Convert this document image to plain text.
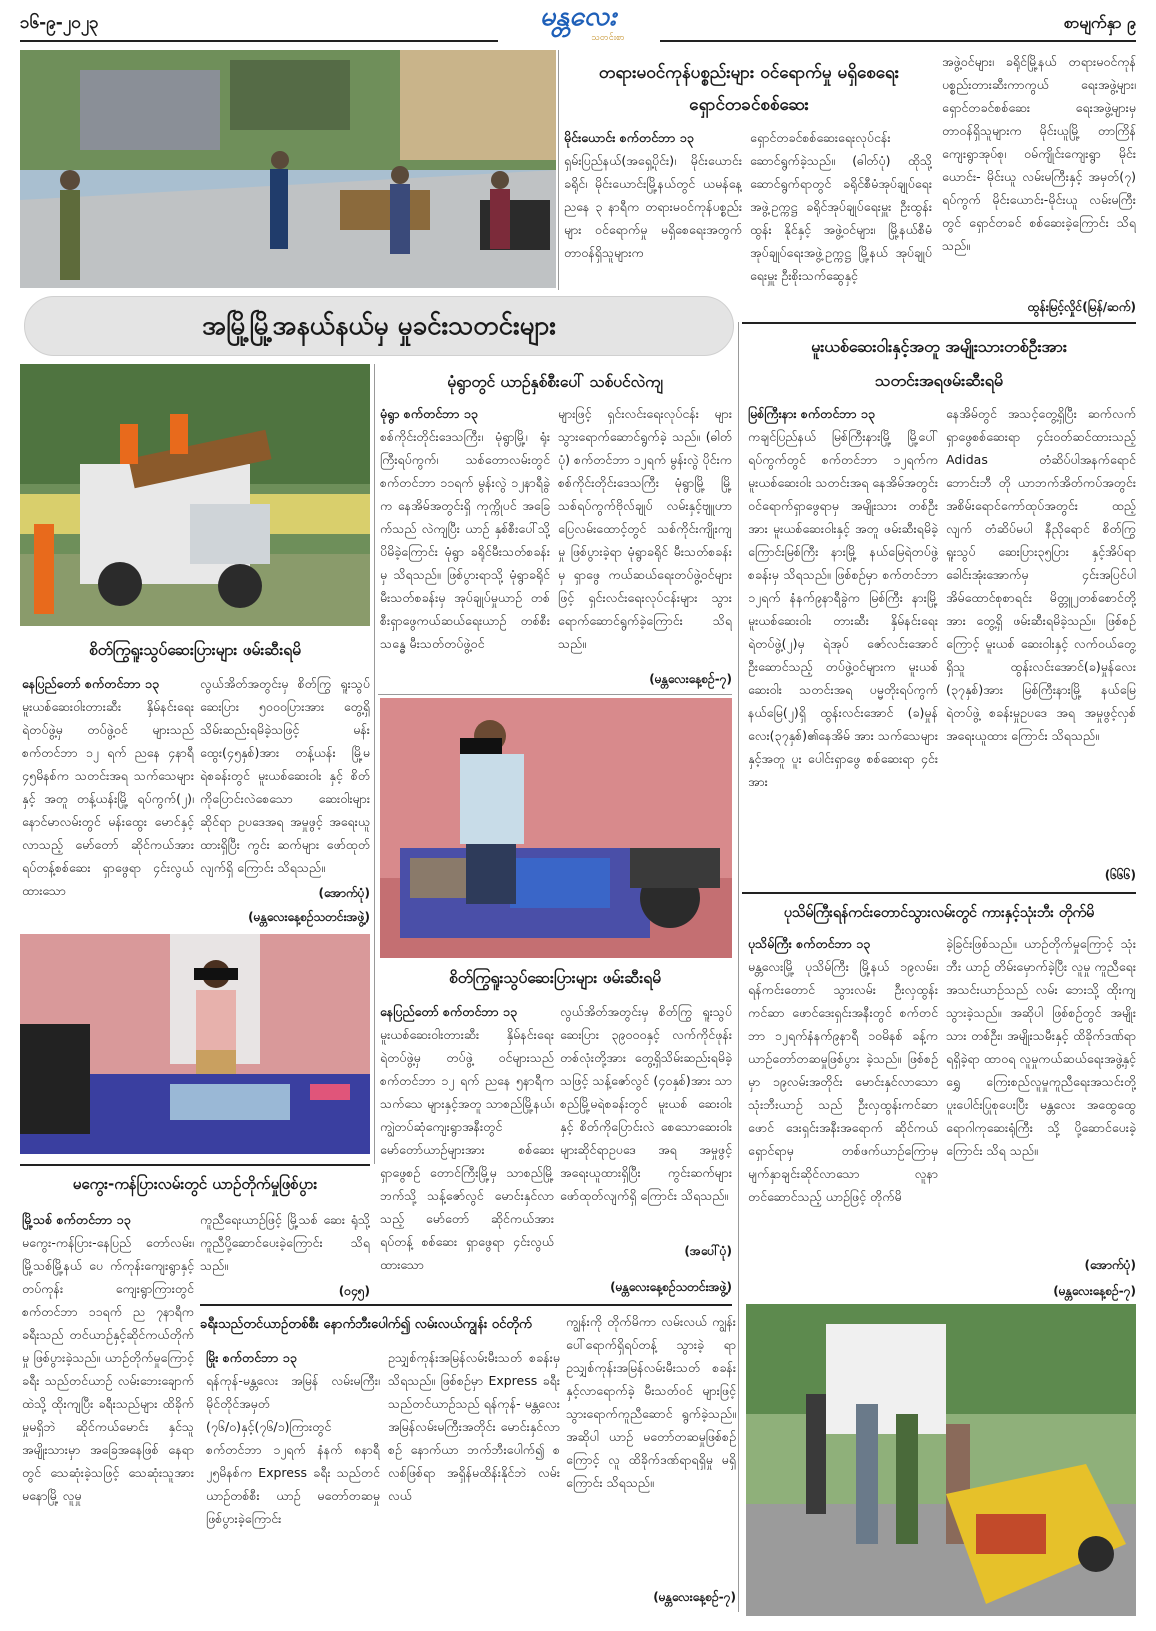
၁၆-၉-၂၀၂၃	မန္တလေး
သတင်းစာ
စာမျက်နှာ ၉
တရားမဝင်ကုန်ပစ္စည်းများ ဝင်ရောက်မှု မရှိစေရေး
ရှောင်တခင်စစ်ဆေး
မိုင်းယောင်း စက်တင်ဘာ ၁၃
ရှမ်းပြည်နယ်(အရှေ့ပိုင်း)၊ မိုင်းယောင်းခရိုင်၊ မိုင်းယောင်းမြို့နယ်တွင် ယမန်နေ့ ညနေ ၃ နာရီက တရားမဝင်ကုန်ပစ္စည်းများ ဝင်ရောက်မှု မရှိစေရေးအတွက် တာဝန်ရှိသူများက
ရှောင်တခင်စစ်ဆေးရေးလုပ်ငန်း ဆောင်ရွက်ခဲ့သည်။ (ဓါတ်ပုံ) ထိုသို့ ဆောင်ရွက်ရာတွင် ခရိုင်စီမံအုပ်ချုပ်ရေးအဖွဲ့ဥက္ကဋ္ဌ ခရိုင်အုပ်ချုပ်ရေးမှူး ဦးထွန်းထွန်း နိုင်နှင့် အဖွဲ့ဝင်များ၊ မြို့နယ်စီမံ အုပ်ချုပ်ရေးအဖွဲ့ဥက္ကဋ္ဌ မြို့နယ် အုပ်ချုပ်ရေးမှူး ဦးစိုးသက်ဆွေနှင့်
အဖွဲ့ဝင်များ၊ ခရိုင်မြို့နယ် တရားမဝင်ကုန်ပစ္စည်းတားဆီးကာကွယ် ရေးအဖွဲ့များ၊ ရှောင်တခင်စစ်ဆေး ရေးအဖွဲ့များမှ တာဝန်ရှိသူများက မိုင်းယူမြို့ တာကြိန်ကျေးရွာအုပ်စု၊ ဝမ်ကျိုင်းကျေးရွာ မိုင်းယောင်း- မိုင်းယူ လမ်းမကြီးနှင့် အမှတ်(၇) ရပ်ကွက် မိုင်းယောင်း-မိုင်းယူ လမ်းမကြီးတွင် ရှောင်တခင် စစ်ဆေးခဲ့ကြောင်း သိရသည်။
ထွန်းမြင့်လှိုင်(မြန်/ဆက်)
အမြို့မြို့အနယ်နယ်မှ မှုခင်းသတင်းများ
မူးယစ်ဆေးဝါးနှင့်အတူ အမျိုးသားတစ်ဦးအား
သတင်းအရဖမ်းဆီးရမိ
မြစ်ကြီးနား စက်တင်ဘာ ၁၃
ကချင်ပြည်နယ် မြစ်ကြီးနားမြို့ မြို့ပေါ်ရပ်ကွက်တွင် စက်တင်ဘာ ၁၂ရက်က မူးယစ်ဆေးဝါး သတင်းအရ နေအိမ်အတွင်း ဝင်ရောက်ရှာဖွေရာမှ အမျိုးသား တစ်ဦးအား မူးယစ်ဆေးဝါးနှင့် အတူ ဖမ်းဆီးရမိခဲ့ကြောင်းမြစ်ကြီး နားမြို့ နယ်မြေရဲတပ်ဖွဲ့စခန်းမှ သိရသည်။ ဖြစ်စဉ်မှာ စက်တင်ဘာ ၁၂ရက် နံနက်၉နာရီခွဲက မြစ်ကြီး နားမြို့ မူးယစ်ဆေးဝါး တားဆီး နှိမ်နင်းရေးရဲတပ်ဖွဲ့(၂)မှ ရဲအုပ် ဇော်လင်းအောင် ဦးဆောင်သည့် တပ်ဖွဲ့ဝင်များက မူးယစ်ဆေးဝါး သတင်းအရ ပမ္မတိုးရပ်ကွက် နယ်မြေ(၂)ရှိ ထွန်းလင်းအောင် (ခ)မှုန်လေး(၃၇နှစ်)၏နေအိမ် အား သက်သေများနှင့်အတူ ပူး ပေါင်းရှာဖွေ စစ်ဆေးရာ ၄င်းအား
နေအိမ်တွင် အသင့်တွေ့ရှိပြီး ဆက်လက် ရှာဖွေစစ်ဆေးရာ ၄င်းဝတ်ဆင်ထားသည့် Adidas တံဆိပ်ပါအနက်ရောင် ဘောင်းဘီ တို ယာဘက်အိတ်ကပ်အတွင်း အစိမ်းရောင်ကော်ထုပ်အတွင်း ထည့် လျက် တံဆိပ်မပါ နီညိုရောင် စိတ်ကြွရူးသွပ် ဆေးပြား၃၅ပြား နှင့်အိပ်ရာခေါင်းအုံးအောက်မှ ၄င်းအပြင်ပါ အိမ်ထောင်စုစာရင်း မိတ္တူ၂တစ်စောင်တို့အား တွေ့ရှိ ဖမ်းဆီးရမိခဲ့သည်။ ဖြစ်စဉ်ကြောင့် မူးယစ် ဆေးဝါးနှင့် လက်ဝယ်တွေ့ရှိသူ ထွန်းလင်းအောင်(ခ)မှုန်လေး (၃၇နှစ်)အား မြစ်ကြီးနားမြို့ နယ်မြေရဲတပ်ဖွဲ့ စခန်းမှုဥပဒေ အရ အမှုဖွင့်လှစ် အရေးယူထား ကြောင်း သိရသည်။
(၆၆၆)
မုံရွာတွင် ယာဉ်နှစ်စီးပေါ် သစ်ပင်လဲကျ
မုံရွာ စက်တင်ဘာ ၁၃
စစ်ကိုင်းတိုင်းဒေသကြီး၊ မုံရွာမြို့၊ ရုံးကြီးရပ်ကွက်၊ သစ်တောလမ်းတွင် စက်တင်ဘာ ၁၁ရက် မွန်းလွဲ ၁၂နာရီခွဲက နေအိမ်အတွင်းရှိ ကုက္ကိုပင် အခြေက်သည် လဲကျပြီး ယာဉ် နှစ်စီးပေါ်သို့ ပိမိခဲ့ကြောင်း မုံရွာ ခရိုင်မီးသတ်စခန်းမှ သိရသည်။ ဖြစ်ပွားရာသို့ မုံရွာခရိုင် မီးသတ်စခန်းမှ အုပ်ချုပ်မှုယာဉ် တစ်စီးရှာဖွေကယ်ဆယ်ရေးယာဉ် တစ်စီးသန္ဓေ မီးသတ်တပ်ဖွဲ့ဝင်
များဖြင့် ရှင်းလင်းရေးလုပ်ငန်း များ သွားရောက်ဆောင်ရွက်ခဲ့ သည်။ (ဓါတ်ပုံ) စက်တင်ဘာ ၁၂ရက် မွန်းလွဲ ပိုင်းက စစ်ကိုင်းတိုင်းဒေသကြီး မုံရွာမြို့ မြို့သစ်ရပ်ကွက်ဗိုလ်ချုပ် လမ်းနှင့်ဗျူဟာပြေလမ်းထောင့်တွင် သစ်ကိုင်းကျိုးကျမှု ဖြစ်ပွားခဲ့ရာ မုံရွာခရိုင် မီးသတ်စခန်းမှ ရှာဖွေ ကယ်ဆယ်ရေးတပ်ဖွဲ့ဝင်များဖြင့် ရှင်းလင်းရေးလုပ်ငန်းများ သွား ရောက်ဆောင်ရွက်ခဲ့ကြောင်း သိရ သည်။
(မန္တလေးနေ့စဉ်-၇)
စိတ်ကြွရူးသွပ်ဆေးပြားများ ဖမ်းဆီးရမိ
နေပြည်တော် စက်တင်ဘာ ၁၃
မူးယစ်ဆေးဝါးတားဆီး နှိမ်နင်းရေးရဲတပ်ဖွဲ့မှ တပ်ဖွဲ့ဝင် များသည် စက်တင်ဘာ ၁၂ ရက် ညနေ ၄နာရီ ၄၅မိနစ်က သတင်းအရ သက်သေများနှင့် အတူ တန့်ယန်းမြို့ ရပ်ကွက်(၂)၊ နောင်မာလမ်းတွင် မန်းထွေး မောင်နှင့်လာသည့် မော်တော် ဆိုင်ကယ်အား ရပ်တန့်စစ်ဆေး ရှာဖွေရာ ၄င်းလွယ်ထားသော
လွယ်အိတ်အတွင်းမှ စိတ်ကြွ ရူးသွပ် ဆေးပြား ၅၀၀၀ပြားအား တွေ့ရှိသိမ်းဆည်းရမိခဲ့သဖြင့် မန်းထွေး(၄၅နှစ်)အား တန့်ယန်း မြို့မရဲစခန်းတွင် မူးယစ်ဆေးဝါး နှင့် စိတ်ကိုပြောင်းလဲစေသော ဆေးဝါးများဆိုင်ရာ ဥပဒေအရ အမှုဖွင့် အရေးယူထားရှိပြီး ကွင်း ဆက်များ ဖော်ထုတ်လျက်ရှိ ကြောင်း သိရသည်။
(အောက်ပုံ)
(မန္တလေးနေ့စဉ်သတင်းအဖွဲ့)
စိတ်ကြွရူးသွပ်ဆေးပြားများ ဖမ်းဆီးရမိ
နေပြည်တော် စက်တင်ဘာ ၁၃
မူးယစ်ဆေးဝါးတားဆီး နှိမ်နင်းရေးရဲတပ်ဖွဲ့မှ တပ်ဖွဲ့ ဝင်များသည် စက်တင်ဘာ ၁၂ ရက် ညနေ ၅နာရီက သက်သေ များနှင့်အတူ သာစည်မြို့နယ်၊ ကျွဲတပ်ဆုံကျေးရွာအနီးတွင် မော်တော်ယာဉ်များအား စစ်ဆေး ရှာဖွေစဉ် တောင်ကြီးမြို့မှ သာစည်မြို့ဘက်သို့ သန့်ဇော်လွင် မောင်းနှင်လာသည့် မော်တော် ဆိုင်ကယ်အား ရပ်တန့် စစ်ဆေး ရှာဖွေရာ ၄င်းလွယ်ထားသော
လွယ်အိတ်အတွင်းမှ စိတ်ကြွ ရူးသွပ်ဆေးပြား ၃၉၀၀၀နှင့် လက်ကိုင်ဖုန်း တစ်လုံးတို့အား တွေ့ရှိသိမ်းဆည်းရမိခဲ့သဖြင့် သန့်ဇော်လွင် (၄၀နှစ်)အား သာစည်မြို့မရဲစခန်းတွင် မူးယစ် ဆေးဝါးနှင့် စိတ်ကိုပြောင်းလဲ စေသောဆေးဝါးများဆိုင်ရာဥပဒေ အရ အမှုဖွင့်အရေးယူထားရှိပြီး ကွင်းဆက်များ ဖော်ထုတ်လျက်ရှိ ကြောင်း သိရသည်။
(အပေါ်ပုံ)
(မန္တလေးနေ့စဉ်သတင်းအဖွဲ့)
ပုသိမ်ကြီးရန်ကင်းတောင်သွားလမ်းတွင် ကားနှင့်သုံးဘီး တိုက်မိ
ပုသိမ်ကြီး စက်တင်ဘာ ၁၃
မန္တလေးမြို့ ပုသိမ်ကြီး မြို့နယ် ၁၉လမ်း၊ ရန်ကင်းတောင် သွားလမ်း ဦးလှထွန်း ကင်ဆာ ဖောင်ဒေးရှင်းအနီးတွင် စက်တင် ဘာ ၁၂ရက်နံနက်၉နာရီ ၁၀မိနစ် ခန့်က ယာဉ်တော်တဆမှုဖြစ်ပွား ခဲ့သည်။ ဖြစ်စဉ်မှာ ၁၉လမ်းအတိုင်း မောင်းနှင်လာသော သုံးဘီးယာဉ် သည် ဦးလှထွန်းကင်ဆာဖောင် ဒေးရှင်းအနီးအရောက် ဆိုင်ကယ် ရှောင်ရာမှ တစ်ဖက်ယာဉ်ကြောမှ မျက်နှာချင်းဆိုင်လာသော လူနာ တင်ဆောင်သည့် ယာဉ်ဖြင့် တိုက်မိ
ခဲ့ခြင်းဖြစ်သည်။ ယာဉ်တိုက်မှုကြောင့် သုံးဘီး ယာဉ် တိမ်းမှောက်ခဲ့ပြီး လူမှု ကူညီရေးအသင်းယာဉ်သည် လမ်း ဘေးသို့ ထိုးကျသွားခဲ့သည်။ အဆိုပါ ဖြစ်စဉ်တွင် အမျိုး သား တစ်ဦး၊ အမျိုးသမီးနှင့် ထိခိုက်ဒဏ်ရာရရှိခဲ့ရာ ထာဝရ လူမှုကယ်ဆယ်ရေးအဖွဲ့နှင့် ရွှေ ကြေးစည်လူမှုကူညီရေးအသင်းတို့ ပူးပေါင်းပြုစုပေးပြီး မန္တလေး အထွေထွေရောဂါကုဆေးရုံကြီး သို့ ပို့ဆောင်ပေးခဲ့ကြောင်း သိရ သည်။
(အောက်ပုံ)
(မန္တလေးနေ့စဉ်-၇)
မကွေး-ကန်ပြားလမ်းတွင် ယာဉ်တိုက်မှုဖြစ်ပွား
မြို့သစ် စက်တင်ဘာ ၁၃
မကွေး-ကန်ပြား-နေပြည် တော်လမ်း၊ မြို့သစ်မြို့နယ် ပေ က်ကုန်းကျေးရွာနှင့် တပ်ကုန်း ကျေးရွာကြားတွင် စက်တင်ဘာ ၁၁ရက် ည ၇နာရီက ခရီးသည် တင်ယာဉ်နှင့်ဆိုင်ကယ်တိုက်မှု ဖြစ်ပွားခဲ့သည်။ ယာဉ်တိုက်မှုကြောင့် ခရီး သည်တင်ယာဉ် လမ်းဘေးချောက် ထဲသို့ ထိုးကျပြီး ခရီးသည်များ ထိခိုက်မှုမရှိဘဲ ဆိုင်ကယ်မောင်း နှင်သူ အမျိုးသားမှာ အခြေအနေဖြစ် နေရာတွင် သေဆုံးခဲ့သဖြင့် သေဆုံးသူအား မနောမြို့ လူမှု
ကူညီရေးယာဉ်ဖြင့် မြို့သစ် ဆေး ရုံသို့ ကူညီပို့ဆောင်ပေးခဲ့ကြောင်း သိရသည်။
(ဝ၄၅)
ခရီးသည်တင်ယာဉ်တစ်စီး နောက်ဘီးပေါက်၍ လမ်းလယ်ကျွန်း ဝင်တိုက်
မြိုး စက်တင်ဘာ ၁၃
ရန်ကုန်-မန္တလေး အမြန် လမ်းမကြီး၊ မိုင်တိုင်အမှတ် (၇၆/၀)နှင့်(၇၆/၁)ကြားတွင် စက်တင်ဘာ ၁၂ရက် နံနက် ၈နာရီ ၂၅မိနစ်က Express ခရီး သည်တင်ယာဉ်တစ်စီး ယာဉ် မတော်တဆမှုဖြစ်ပွားခဲ့ကြောင်း
ဥသျှစ်ကုန်းအမြန်လမ်းမီးသတ် စခန်းမှ သိရသည်။ ဖြစ်စဉ်မှာ Express ခရီး သည်တင်ယာဉ်သည် ရန်ကုန်- မန္တလေးအမြန်လမ်းမကြီးအတိုင်း မောင်းနှင်လာစဉ် နောက်ယာ ဘက်ဘီးပေါက်၍ စလစ်ဖြစ်ရာ အရှိန်မထိန်းနိုင်ဘဲ လမ်းလယ်
ကျွန်းကို တိုက်မိကာ လမ်းလယ် ကျွန်းပေါ်ရောက်ရှိရပ်တန့် သွားခဲ့ ရာ ဥသျှစ်ကုန်းအမြန်လမ်းမီးသတ် စခန်းနှင့်လာရောက်ခဲ့ မီးသတ်ဝင် များဖြင့် သွားရောက်ကူညီဆောင် ရွက်ခဲ့သည်။ အဆိုပါ ယာဉ် မတော်တဆမှုဖြစ်စဉ်ကြောင့် လူ ထိခိုက်ဒဏ်ရာရရှိမှု မရှိကြောင်း သိရသည်။
(မန္တလေးနေ့စဉ်-၇)
